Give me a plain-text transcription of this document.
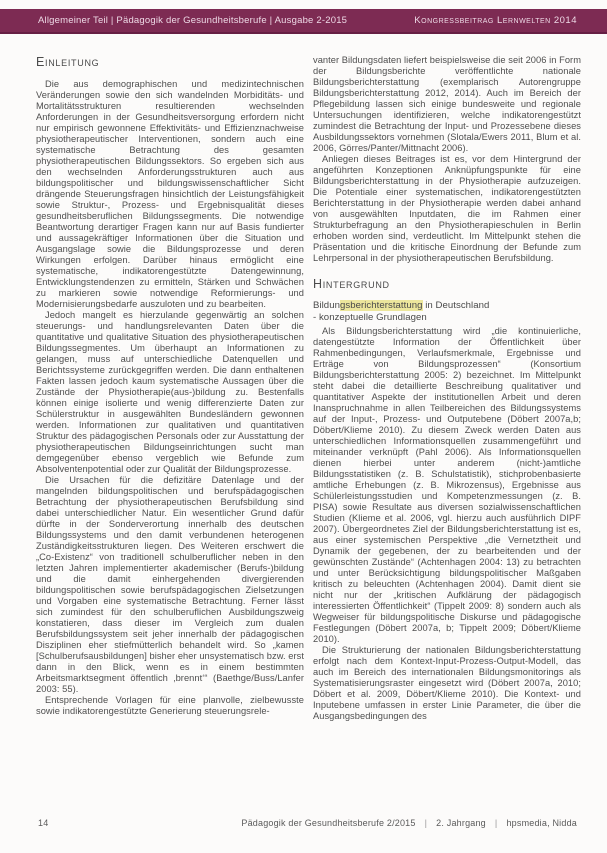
Allgemeiner Teil | Pädagogik der Gesundheitsberufe | Ausgabe 2-2015	Kongressbeitrag Lernwelten 2014
Einleitung

Die aus demographischen und medizintechnischen Veränderungen sowie den sich wandelnden Morbiditäts- und Mortalitätsstrukturen resultierenden wechselnden Anforderungen in der Gesundheitsversorgung erfordern nicht nur empirisch gewonnene Effektivitäts- und Effizienznachweise physiotherapeutischer Interventionen, sondern auch eine systematische Betrachtung des gesamten physiotherapeutischen Bildungssektors. So ergeben sich aus den wechselnden Anforderungsstrukturen auch aus bildungspolitischer und bildungswissenschaftlicher Sicht drängende Steuerungsfragen hinsichtlich der Leistungsfähigkeit sowie Struktur-, Prozess- und Ergebnisqualität dieses gesundheitsberuflichen Bildungssegments. Die notwendige Beantwortung derartiger Fragen kann nur auf Basis fundierter und aussagekräftiger Informationen über die Situation und Ausgangslage sowie die Bildungsprozesse und deren Wirkungen erfolgen. Darüber hinaus ermöglicht eine systematische, indikatorengestützte Datengewinnung, Entwicklungstendenzen zu ermitteln, Stärken und Schwächen zu markieren sowie notwendige Reformierungs- und Modernisierungsbedarfe auszuloten und zu bearbeiten.

Jedoch mangelt es hierzulande gegenwärtig an solchen steuerungs- und handlungsrelevanten Daten über die quantitative und qualitative Situation des physiotherapeutischen Bildungssegmentes. Um überhaupt an Informationen zu gelangen, muss auf unterschiedliche Datenquellen und Berichtssysteme zurückgegriffen werden. Die dann enthaltenen Fakten lassen jedoch kaum systematische Aussagen über die Zustände der Physiotherapie(aus-)bildung zu. Bestenfalls können einige isolierte und wenig differenzierte Daten zur Schülerstruktur in ausgewählten Bundesländern gewonnen werden. Informationen zur qualitativen und quantitativen Struktur des pädagogischen Personals oder zur Ausstattung der physiotherapeutischen Bildungseinrichtungen sucht man demgegenüber ebenso vergeblich wie Befunde zum Absolventenpotential oder zur Qualität der Bildungsprozesse.

Die Ursachen für die defizitäre Datenlage und der mangelnden bildungspolitischen und berufspädagogischen Betrachtung der physiotherapeutischen Berufsbildung sind dabei unterschiedlicher Natur. Ein wesentlicher Grund dafür dürfte in der Sonderverortung innerhalb des deutschen Bildungssystems und den damit verbundenen heterogenen Zuständigkeitsstrukturen liegen. Des Weiteren erschwert die „Co-Existenz“ von traditionell schulberuflicher neben in den letzten Jahren implementierter akademischer (Berufs-)bildung und die damit einhergehenden divergierenden bildungspolitischen sowie berufspädagogischen Zielsetzungen und Vorgaben eine systematische Betrachtung. Ferner lässt sich zumindest für den schulberuflichen Ausbildungszweig konstatieren, dass dieser im Vergleich zum dualen Berufsbildungssystem seit jeher innerhalb der pädagogischen Disziplinen eher stiefmütterlich behandelt wird. So „kamen [Schulberufsausbildungen] bisher eher unsystematisch bzw. erst dann in den Blick, wenn es in einem bestimmten Arbeitsmarktsegment öffentlich ‚brennt‘“ (Baethge/Buss/Lanfer 2003: 55).

Entsprechende Vorlagen für eine planvolle, zielbewusste sowie indikatorengestützte Generierung steuerungsrele-

vanter Bildungsdaten liefert beispielsweise die seit 2006 in Form der Bildungsberichte veröffentlichte nationale Bildungsberichterstattung (exemplarisch Autorengruppe Bildungsberichterstattung 2012, 2014). Auch im Bereich der Pflegebildung lassen sich einige bundesweite und regionale Untersuchungen identifizieren, welche indikatorengestützt zumindest die Betrachtung der Input- und Prozessebene dieses Ausbildungssektors vornehmen (Slotala/Ewers 2011, Blum et al. 2006, Görres/Panter/Mittnacht 2006).

Anliegen dieses Beitrages ist es, vor dem Hintergrund der angeführten Konzeptionen Anknüpfungspunkte für eine Bildungsberichterstattung in der Physiotherapie aufzuzeigen. Die Potentiale einer systematischen, indikatorengestützten Berichterstattung in der Physiotherapie werden dabei anhand von ausgewählten Inputdaten, die im Rahmen einer Strukturbefragung an den Physiotherapieschulen in Berlin erhoben worden sind, verdeutlicht. Im Mittelpunkt stehen die Präsentation und die kritische Einordnung der Befunde zum Lehrpersonal in der physiotherapeutischen Berufsbildung.

Hintergrund
Bildungsberichterstattung in Deutschland
- konzeptuelle Grundlagen

Als Bildungsberichterstattung wird „die kontinuierliche, datengestützte Information der Öffentlichkeit über Rahmenbedingungen, Verlaufsmerkmale, Ergebnisse und Erträge von Bildungsprozessen“ (Konsortium Bildungsberichterstattung 2005: 2) bezeichnet. Im Mittelpunkt steht dabei die detaillierte Beschreibung qualitativer und quantitativer Aspekte der institutionellen Arbeit und deren Inanspruchnahme in allen Teilbereichen des Bildungssystems auf der Input-, Prozess- und Outputebene (Döbert 2007a,b; Döbert/Klieme 2010). Zu diesem Zweck werden Daten aus unterschiedlichen Informationsquellen zusammengeführt und miteinander verknüpft (Pahl 2006). Als Informationsquellen dienen hierbei unter anderem (nicht-)amtliche Bildungsstatistiken (z. B. Schulstatistik), stichprobenbasierte amtliche Erhebungen (z. B. Mikrozensus), Ergebnisse aus Schülerleistungsstudien und Kompetenzmessungen (z. B. PISA) sowie Resultate aus diversen sozialwissenschaftlichen Studien (Klieme et al. 2006, vgl. hierzu auch ausführlich DIPF 2007). Übergeordnetes Ziel der Bildungsberichterstattung ist es, aus einer systemischen Perspektive „die Vernetztheit und Dynamik der gegebenen, der zu bearbeitenden und der gewünschten Zustände“ (Achtenhagen 2004: 13) zu betrachten und unter Berücksichtigung bildungspolitischer Maßgaben kritisch zu beleuchten (Achtenhagen 2004). Damit dient sie nicht nur der „kritischen Aufklärung der pädagogisch interessierten Öffentlichkeit“ (Tippelt 2009: 8) sondern auch als Wegweiser für bildungspolitische Diskurse und pädagogische Festlegungen (Döbert 2007a, b; Tippelt 2009; Döbert/Klieme 2010).

Die Strukturierung der nationalen Bildungsberichterstattung erfolgt nach dem Kontext-Input-Prozess-Output-Modell, das auch im Bereich des internationalen Bildungsmonitorings als Systematisierungsraster eingesetzt wird (Döbert 2007a, 2010; Döbert et al. 2009, Döbert/Klieme 2010). Die Kontext- und Inputebene umfassen in erster Linie Parameter, die über die Ausgangsbedingungen des

14	Pädagogik der Gesundheitsberufe 2/2015 | 2. Jahrgang | hpsmedia, Nidda
